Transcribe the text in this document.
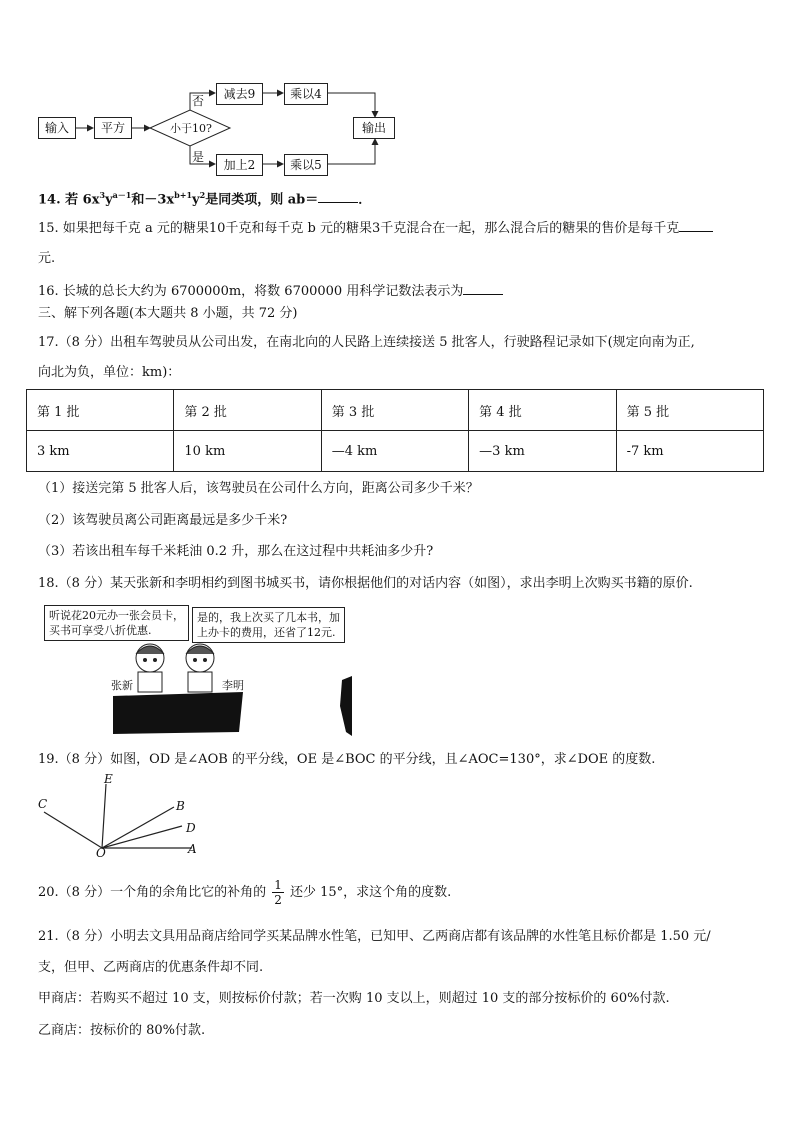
输入	平方	小于10?
否
是
减去9	乘以4
加上2	乘以5
输出
14. 若 $6x^3y^{a-1}$和$-3x^{b+1}y^2$是同类项，则 ab＝	．
15. 如果把每千克 a 元的糖果10千克和每千克 b 元的糖果3千克混合在一起，那么混合后的糖果的售价是每千克
元.
16. 长城的总长大约为 6700000m，将数 6700000 用科学记数法表示为
三、解下列各题(本大题共 8 小题，共 72 分)
17.（8 分）出租车驾驶员从公司出发，在南北向的人民路上连续接送 5 批客人，行驶路程记录如下(规定向南为正,
向北为负，单位：km)：
第 1 批	第 2 批	第 3 批	第 4 批	第 5 批
3 km	10 km	—4 km	—3 km	-7 km
（1）接送完第 5 批客人后，该驾驶员在公司什么方向，距离公司多少千米？
（2）该驾驶员离公司距离最远是多少千米?
（3）若该出租车每千米耗油 0.2 升，那么在这过程中共耗油多少升?
18.（8 分）某天张新和李明相约到图书城买书，请你根据他们的对话内容（如图），求出李明上次购买书籍的原价.
听说花20元办一张会员卡，
买书可享受八折优惠.
是的，我上次买了几本书，加
上办卡的费用，还省了12元.
张新	李明
19.（8 分）如图，OD 是∠AOB 的平分线，OE 是∠BOC 的平分线，且∠AOC=130°，求∠DOE 的度数.
E
C	B
D
O	A
20.（8 分）一个角的余角比它的补角的 $\frac{1}{2}$ 还少 15°，求这个角的度数.
21.（8 分）小明去文具用品商店给同学买某品牌水性笔，已知甲、乙两商店都有该品牌的水性笔且标价都是 1.50 元/
支，但甲、乙两商店的优惠条件却不同.
甲商店：若购买不超过 10 支，则按标价付款；若一次购 10 支以上，则超过 10 支的部分按标价的 60%付款.
乙商店：按标价的 80%付款.
